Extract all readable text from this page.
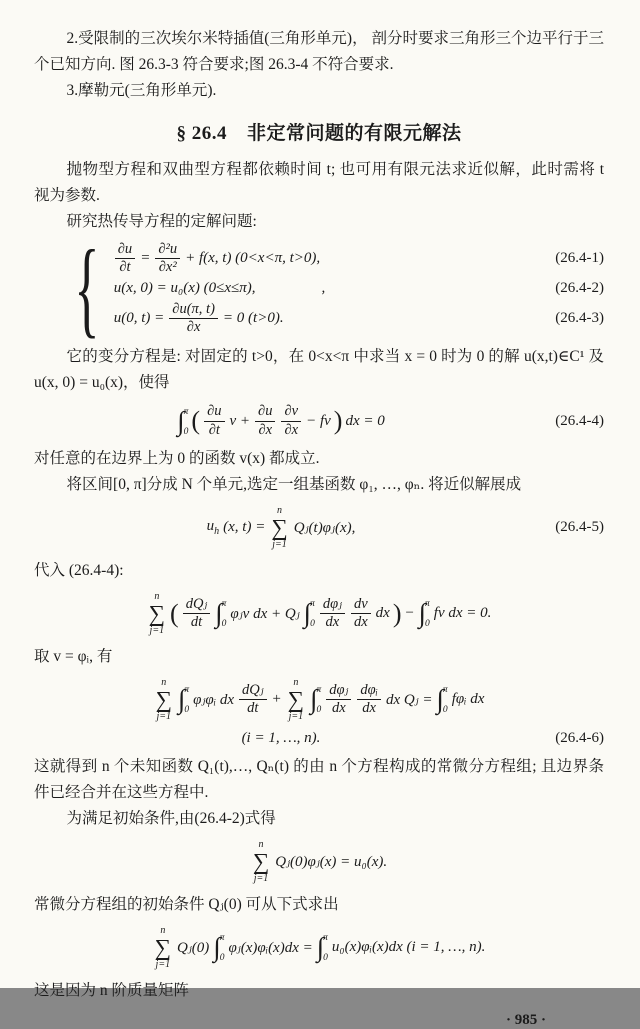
2.受限制的三次埃尔米特插值(三角形单元)， 剖分时要求三角形三个边平行于三个已知方向. 图 26.3-3 符合要求;图 26.3-4 不符合要求.

3.摩勒元(三角形单元).

§ 26.4 非定常问题的有限元解法

抛物型方程和双曲型方程都依赖时间 t; 也可用有限元法求近似解，此时需将 t 视为参数.

研究热传导方程的定解问题:

{ $\frac{\partial u}{\partial t} = \frac{\text{∂²u}}{\text{∂x²}} + f(x$, t) (0<x<π, t>0),	(26.4-1)
u(x, 0) = u₀(x) (0≤x≤π),	,	(26.4-2)
u(0, $t) = \frac{\partial u(\pi, t)}{\partial x} = 0$ (t>0).	(26.4-3)

它的变分方程是: 对固定的 t>0，在 0<x<π 中求当 x = 0 时为 0 的解 u(x,t)∈C¹ 及 u(x, 0) = u₀(x)，使得

∫ π
0 ( $\frac{\partial u}{\partial t}$ $v + \frac{\partial u}{\partial x} \frac{\partial v}{\partial x}$ − fv ) dx = 0	(26.4-4)

对任意的在边界上为 0 的函数 v(x) 都成立.

将区间[0, π]分成 N 个单元,选定一组基函数 φ₁, …, φₙ. 将近似解展成

$u_h$ (x, t) =
n
∑
j=1
Qⱼ(t)φⱼ(x),	(26.4-5)

代入 (26.4-4):

n
∑
j=1
( $\frac{\text{dQⱼ}}{dt}$ ∫ π
0
φⱼv dx + Qⱼ ∫ π
$0 \frac{\text{dφⱼ}}{dx} \frac{dv}{dx}$ dx ) − ∫ π
0
fv dx = 0.

取 v = φᵢ, 有

n
∑
j=1
∫ π
0
φⱼφᵢ dx $\frac{\text{dQⱼ}}{dt}$ +
n
∑
j=1
∫ π
$0 \frac{\text{dφⱼ}}{dx} \frac{\text{dφᵢ}}{dx}$ dx Qⱼ = ∫ π
0
fφᵢ dx
(i = 1, …, n).	(26.4-6)

这就得到 n 个未知函数 Q₁(t),…, Qₙ(t) 的由 n 个方程构成的常微分方程组; 且边界条件已经合并在这些方程中.

为满足初始条件,由(26.4-2)式得

n
∑
j=1
Qⱼ(0)φⱼ(x) = u₀(x).

常微分方程组的初始条件 Qⱼ(0) 可从下式求出

n
∑
j=1
Qⱼ(0) ∫ π
0
φⱼ(x)φᵢ(x)dx = ∫ π
0
u₀(x)φᵢ(x)dx (i = 1, …, n).

这是因为 n 阶质量矩阵

· 985 ·
